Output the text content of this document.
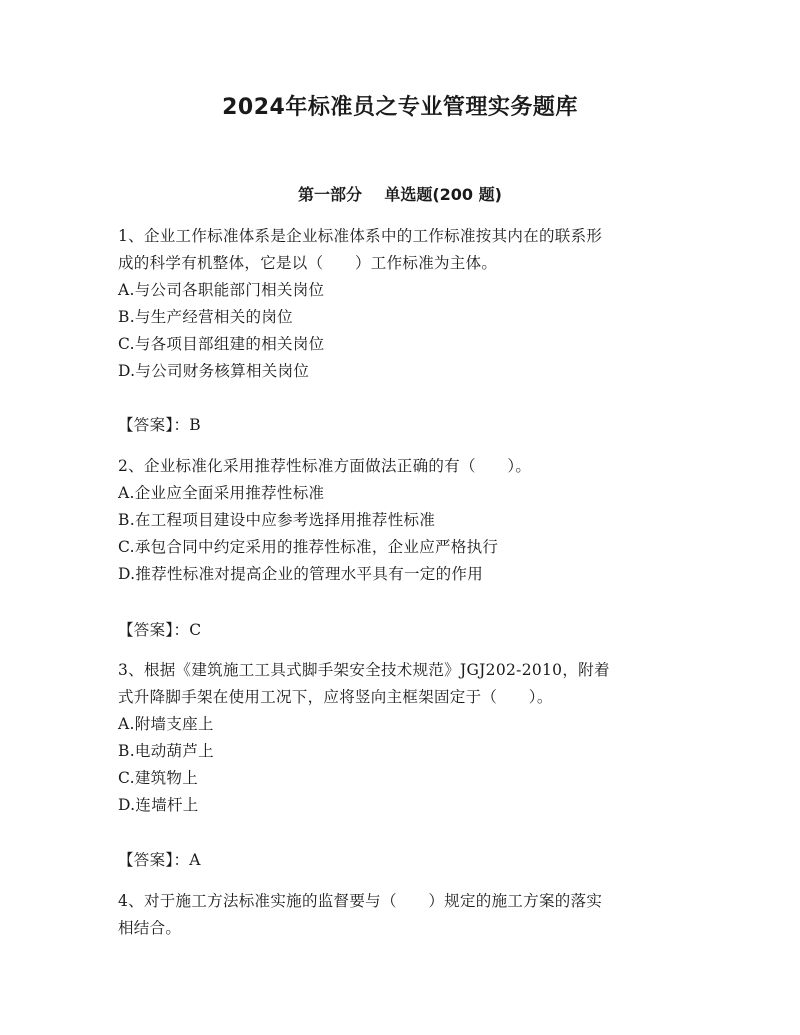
2024年标准员之专业管理实务题库
第一部分    单选题(200 题)

1、企业工作标准体系是企业标准体系中的工作标准按其内在的联系形

成的科学有机整体，它是以（　　）工作标准为主体。

A.与公司各职能部门相关岗位

B.与生产经营相关的岗位

C.与各项目部组建的相关岗位

D.与公司财务核算相关岗位

【答案】：B

2、企业标准化采用推荐性标准方面做法正确的有（　　）。

A.企业应全面采用推荐性标准

B.在工程项目建设中应参考选择用推荐性标准

C.承包合同中约定采用的推荐性标准，企业应严格执行

D.推荐性标准对提高企业的管理水平具有一定的作用

【答案】：C

3、根据《建筑施工工具式脚手架安全技术规范》JGJ202-2010，附着

式升降脚手架在使用工况下，应将竖向主框架固定于（　　）。

A.附墙支座上

B.电动葫芦上

C.建筑物上

D.连墙杆上

【答案】：A

4、对于施工方法标准实施的监督要与（　　）规定的施工方案的落实

相结合。
